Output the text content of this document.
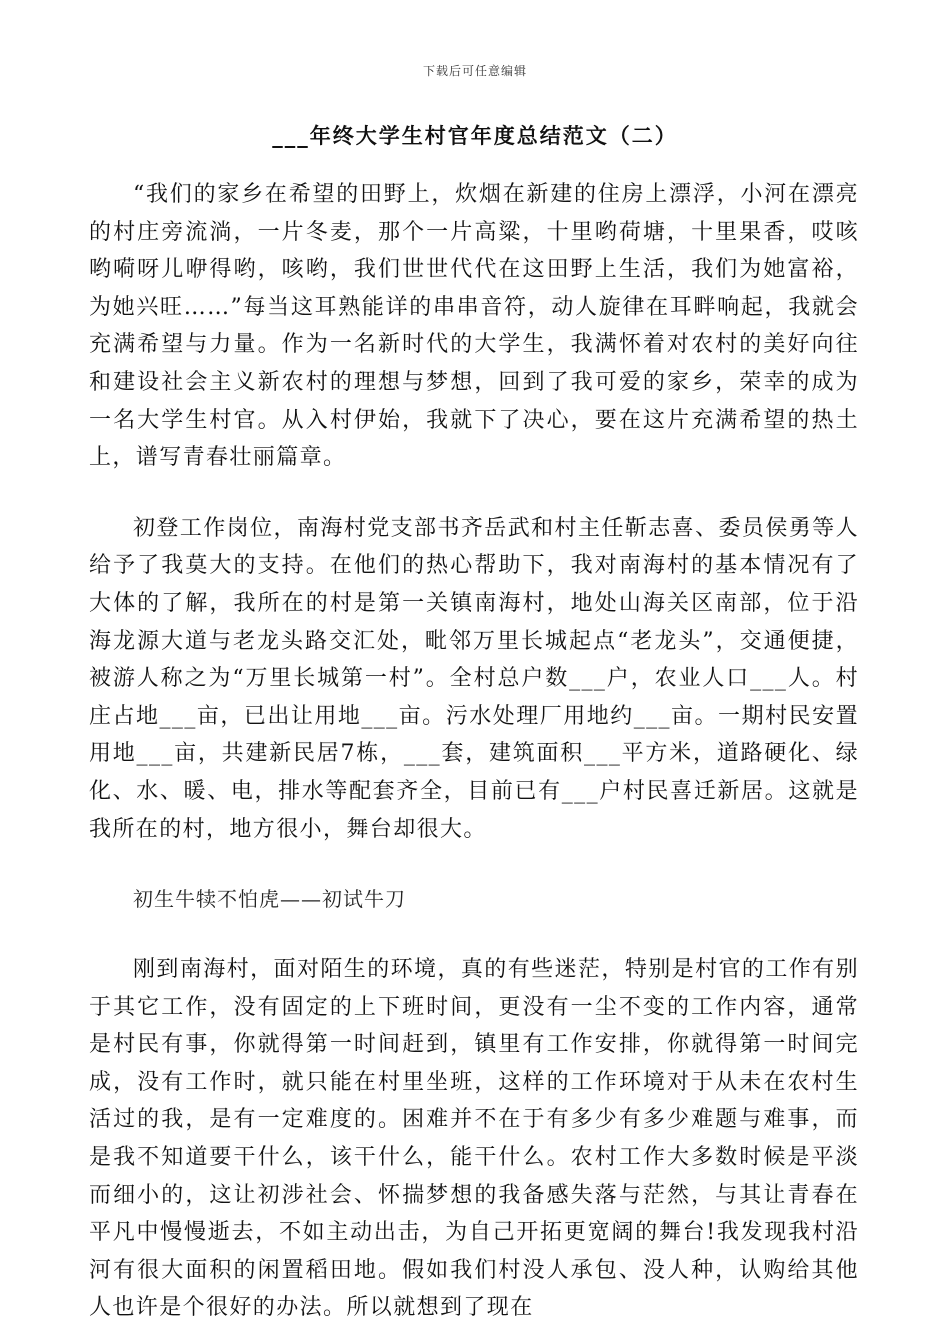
下载后可任意编辑
___年终大学生村官年度总结范文（二）

“我们的家乡在希望的田野上，炊烟在新建的住房上漂浮，小河在漂亮的村庄旁流淌，一片冬麦，那个一片高粱，十里哟荷塘，十里果香，哎咳哟嗬呀儿咿得哟，咳哟，我们世世代代在这田野上生活，我们为她富裕，为她兴旺……”每当这耳熟能详的串串音符，动人旋律在耳畔响起，我就会充满希望与力量。作为一名新时代的大学生，我满怀着对农村的美好向往和建设社会主义新农村的理想与梦想，回到了我可爱的家乡，荣幸的成为一名大学生村官。从入村伊始，我就下了决心，要在这片充满希望的热土上，谱写青春壮丽篇章。

初登工作岗位，南海村党支部书齐岳武和村主任靳志喜、委员侯勇等人给予了我莫大的支持。在他们的热心帮助下，我对南海村的基本情况有了大体的了解，我所在的村是第一关镇南海村，地处山海关区南部，位于沿海龙源大道与老龙头路交汇处，毗邻万里长城起点“老龙头”，交通便捷，被游人称之为“万里长城第一村”。全村总户数___户，农业人口___人。村庄占地___亩，已出让用地___亩。污水处理厂用地约___亩。一期村民安置用地___亩，共建新民居7栋，___套，建筑面积___平方米，道路硬化、绿化、水、暖、电，排水等配套齐全，目前已有___户村民喜迁新居。这就是我所在的村，地方很小，舞台却很大。

初生牛犊不怕虎——初试牛刀

刚到南海村，面对陌生的环境，真的有些迷茫，特别是村官的工作有别于其它工作，没有固定的上下班时间，更没有一尘不变的工作内容，通常是村民有事，你就得第一时间赶到，镇里有工作安排，你就得第一时间完成，没有工作时，就只能在村里坐班，这样的工作环境对于从未在农村生活过的我，是有一定难度的。困难并不在于有多少有多少难题与难事，而是我不知道要干什么，该干什么，能干什么。农村工作大多数时候是平淡而细小的，这让初涉社会、怀揣梦想的我备感失落与茫然，与其让青春在平凡中慢慢逝去，不如主动出击，为自己开拓更宽阔的舞台!我发现我村沿河有很大面积的闲置稻田地。假如我们村没人承包、没人种，认购给其他人也许是个很好的办法。所以就想到了现在
